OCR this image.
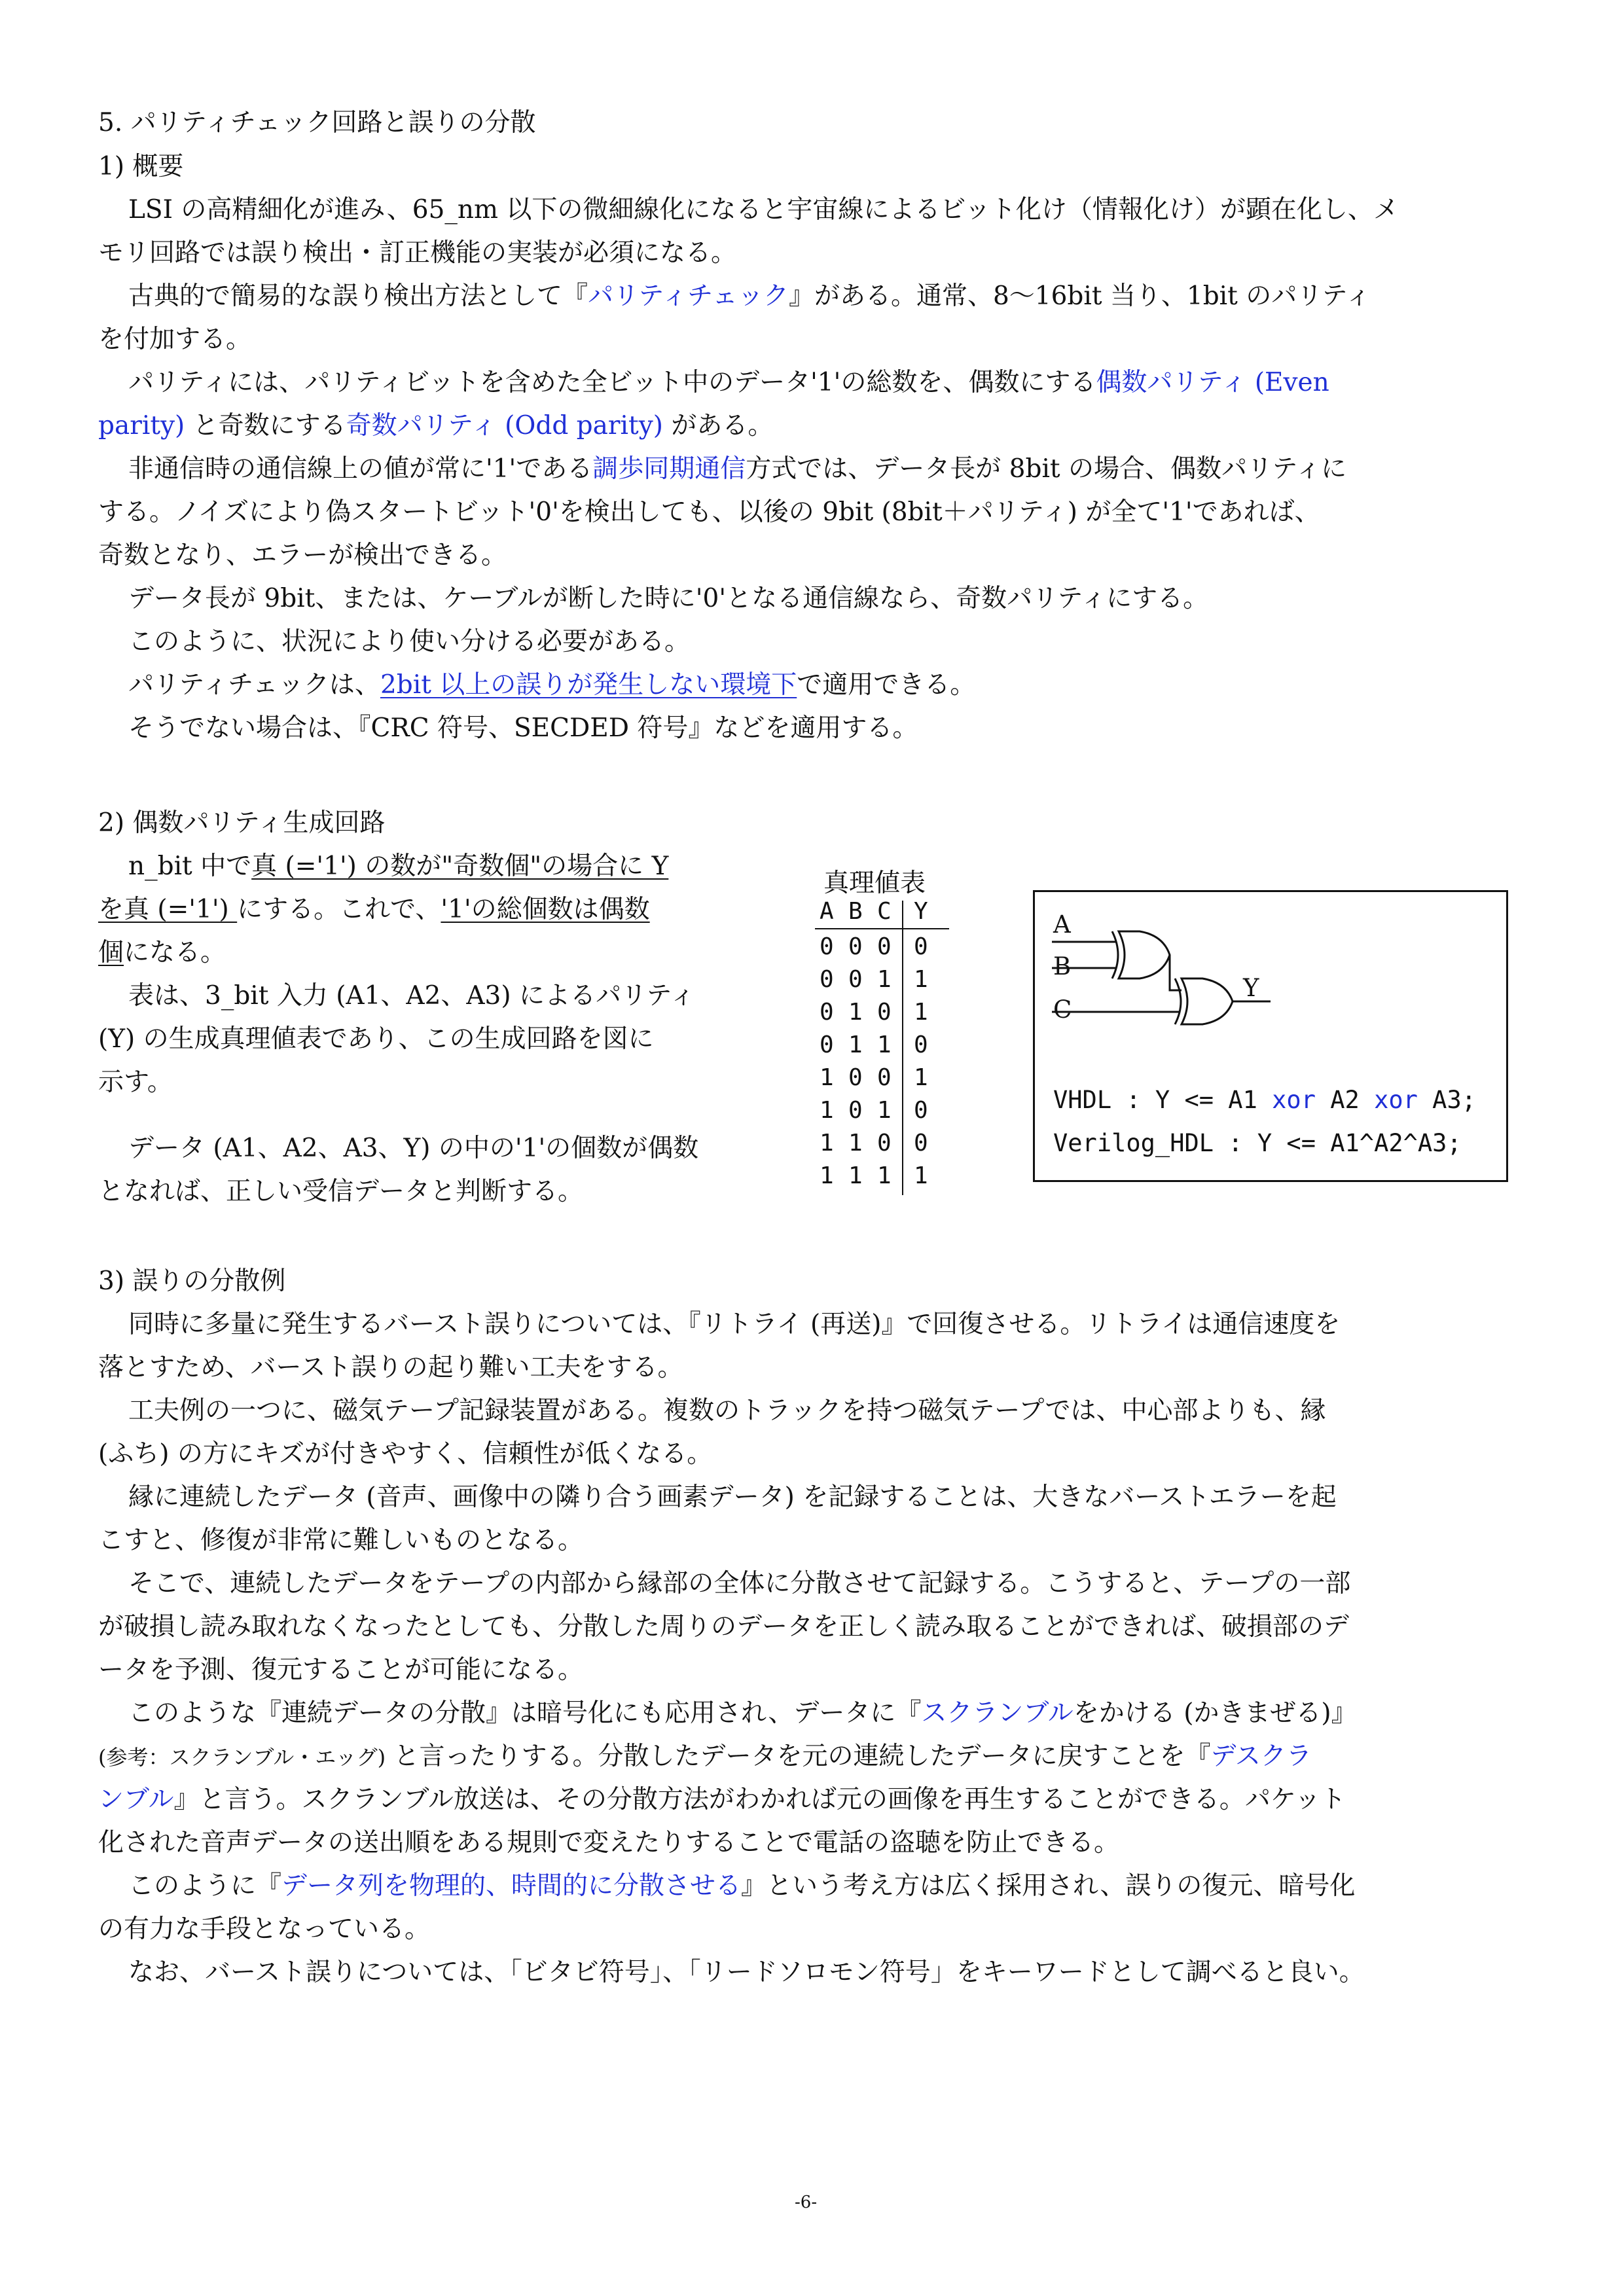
5. パリティチェック回路と誤りの分散
1) 概要
LSI の高精細化が進み、65_nm 以下の微細線化になると宇宙線によるビット化け（情報化け）が顕在化し、メ
モリ回路では誤り検出・訂正機能の実装が必須になる。
古典的で簡易的な誤り検出方法として『パリティチェック』がある。通常、8～16bit 当り、1bit のパリティ
を付加する。
パリティには、パリティビットを含めた全ビット中のデータ'1'の総数を、偶数にする偶数パリティ (Even
parity) と奇数にする奇数パリティ (Odd parity) がある。
非通信時の通信線上の値が常に'1'である調歩同期通信方式では、データ長が 8bit の場合、偶数パリティに
する。ノイズにより偽スタートビット'0'を検出しても、以後の 9bit (8bit＋パリティ) が全て'1'であれば、
奇数となり、エラーが検出できる。
データ長が 9bit、または、ケーブルが断した時に'0'となる通信線なら、奇数パリティにする。
このように、状況により使い分ける必要がある。
パリティチェックは、2bit 以上の誤りが発生しない環境下で適用できる。
そうでない場合は、『CRC 符号、SECDED 符号』などを適用する。
2) 偶数パリティ生成回路
n_bit 中で真 (='1') の数が"奇数個"の場合に Y
を真 (='1') にする。これで、'1'の総個数は偶数
個になる。
表は、3_bit 入力 (A1、A2、A3) によるパリティ
(Y) の生成真理値表であり、この生成回路を図に
示す。
データ (A1、A2、A3、Y) の中の'1'の個数が偶数
となれば、正しい受信データと判断する。
真理値表
A B C Y
0 0 0 0
0 0 1 1
0 1 0 1
0 1 1 0
1 0 0 1
1 0 1 0
1 1 0 0
1 1 1 1
A
B
C
Y
VHDL : Y <= A1 xor A2 xor A3;
Verilog_HDL : Y <= A1^A2^A3;
3) 誤りの分散例
同時に多量に発生するバースト誤りについては、『リトライ (再送)』で回復させる。リトライは通信速度を
落とすため、バースト誤りの起り難い工夫をする。
工夫例の一つに、磁気テープ記録装置がある。複数のトラックを持つ磁気テープでは、中心部よりも、縁
(ふち) の方にキズが付きやすく、信頼性が低くなる。
縁に連続したデータ (音声、画像中の隣り合う画素データ) を記録することは、大きなバーストエラーを起
こすと、修復が非常に難しいものとなる。
そこで、連続したデータをテープの内部から縁部の全体に分散させて記録する。こうすると、テープの一部
が破損し読み取れなくなったとしても、分散した周りのデータを正しく読み取ることができれば、破損部のデ
ータを予測、復元することが可能になる。
このような『連続データの分散』は暗号化にも応用され、データに『スクランブルをかける (かきまぜる)』
(参考：スクランブル・エッグ) と言ったりする。分散したデータを元の連続したデータに戻すことを『デスクラ
ンブル』と言う。スクランブル放送は、その分散方法がわかれば元の画像を再生することができる。パケット
化された音声データの送出順をある規則で変えたりすることで電話の盗聴を防止できる。
このように『データ列を物理的、時間的に分散させる』という考え方は広く採用され、誤りの復元、暗号化
の有力な手段となっている。
なお、バースト誤りについては、「ビタビ符号」、「リードソロモン符号」をキーワードとして調べると良い。
-6-
